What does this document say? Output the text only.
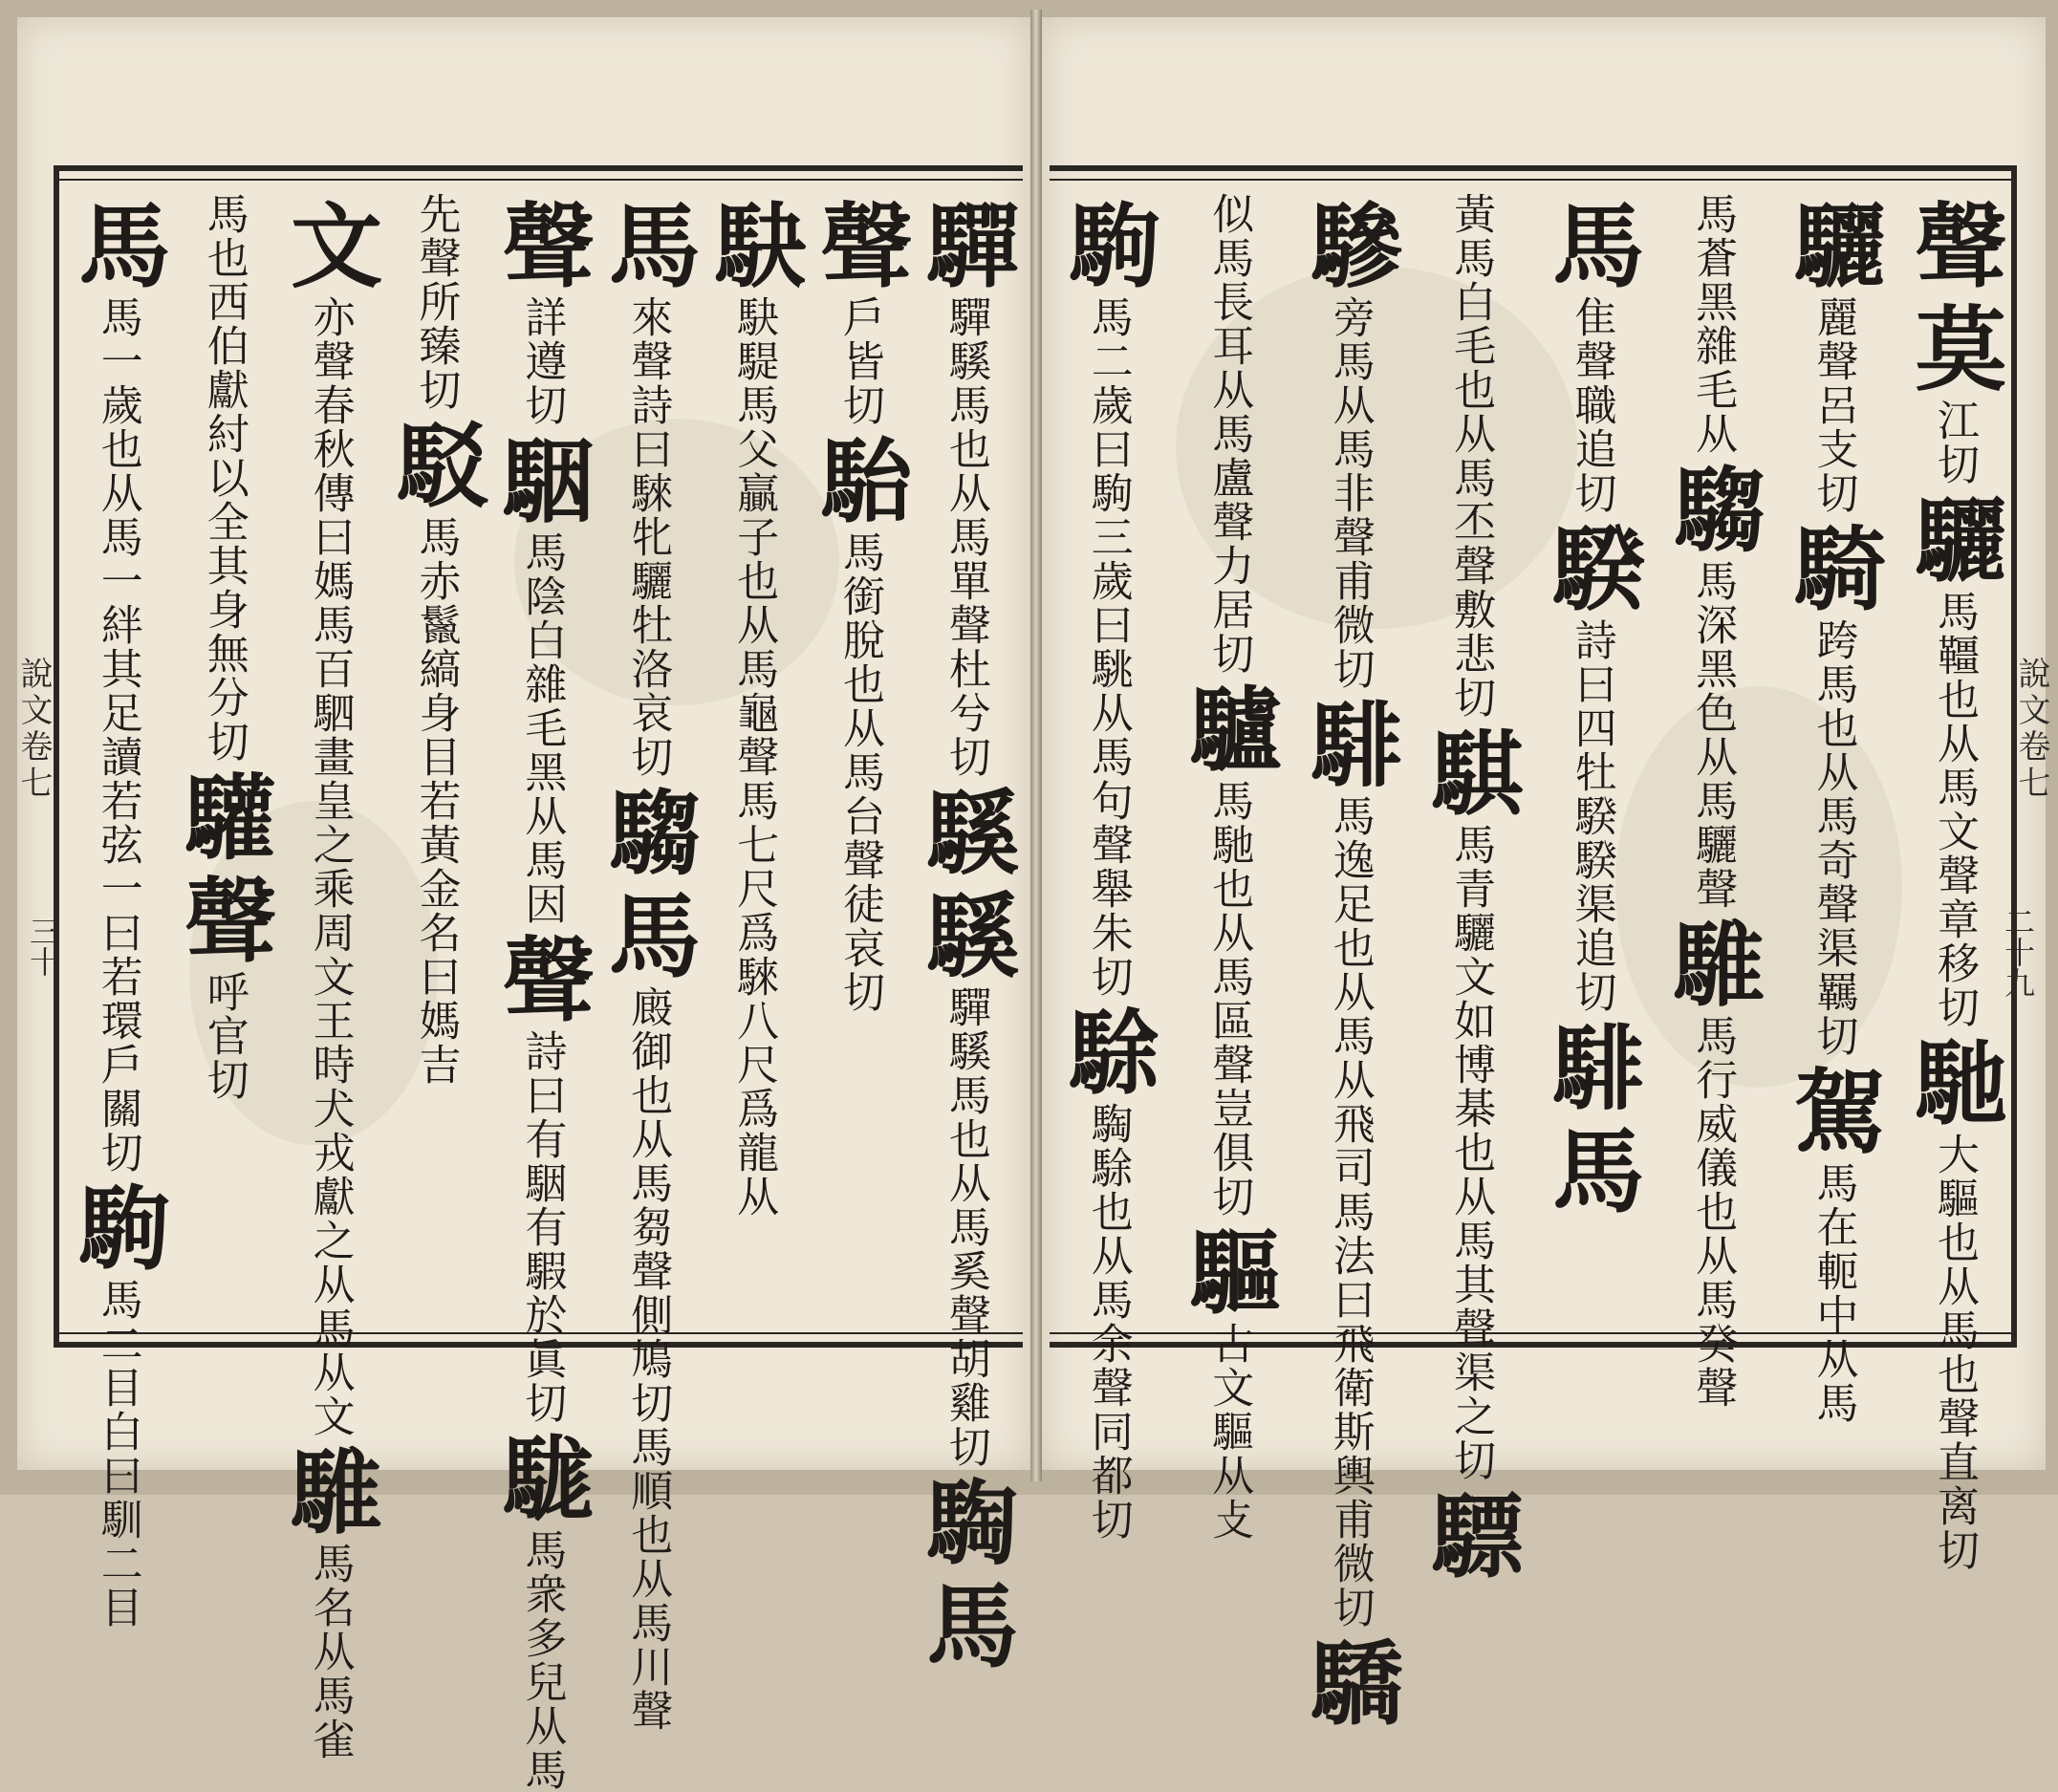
說文卷七
三十
驒驒騱馬也从馬單聲杜兮切騱騱驒騱馬也从馬奚聲胡雞切騊馬
聲戶皆切駘馬銜脫也从馬台聲徒哀切
駃駃騠馬父贏子也从馬龜聲馬七尺爲騋八尺爲龍从
馬來聲詩曰騋牝驪牡洛哀切騶馬廄御也从馬芻聲側鳩切馬順也从馬川聲
聲詳遵切駰馬陰白雜毛黑从馬因聲詩曰有駰有騢於眞切駹馬衆多兒从馬
先聲所臻切駁馬赤鬣縞身目若黃金名曰媽吉
文亦聲春秋傳曰媽馬百駟畫皇之乘周文王時犬戎獻之从馬从文騅馬名从馬雀
馬也西伯獻紂以全其身無分切驩聲呼官切
馬馬一歲也从馬一絆其足讀若弦一曰若環戶關切駒馬二目白曰馴二目
說文卷七
二十九
聲莫江切驪馬韁也从馬文聲章移切馳大驅也从馬也聲直离切
驪麗聲呂支切騎跨馬也从馬奇聲渠羈切駕馬在軛中从馬
馬蒼黑雜毛从騶馬深黑色从馬驪聲騅馬行威儀也从馬癸聲
馬隹聲職追切騤詩曰四牡騤騤渠追切騑馬
黃馬白毛也从馬丕聲敷悲切騏馬青驪文如博棊也从馬其聲渠之切驃
驂旁馬从馬非聲甫微切騑馬逸足也从馬从飛司馬法曰飛衛斯輿甫微切驕
似馬長耳从馬盧聲力居切驢馬馳也从馬區聲豈俱切驅古文驅从攴
駒馬二歲曰駒三歲曰駣从馬句聲舉朱切駼騊駼也从馬余聲同都切
